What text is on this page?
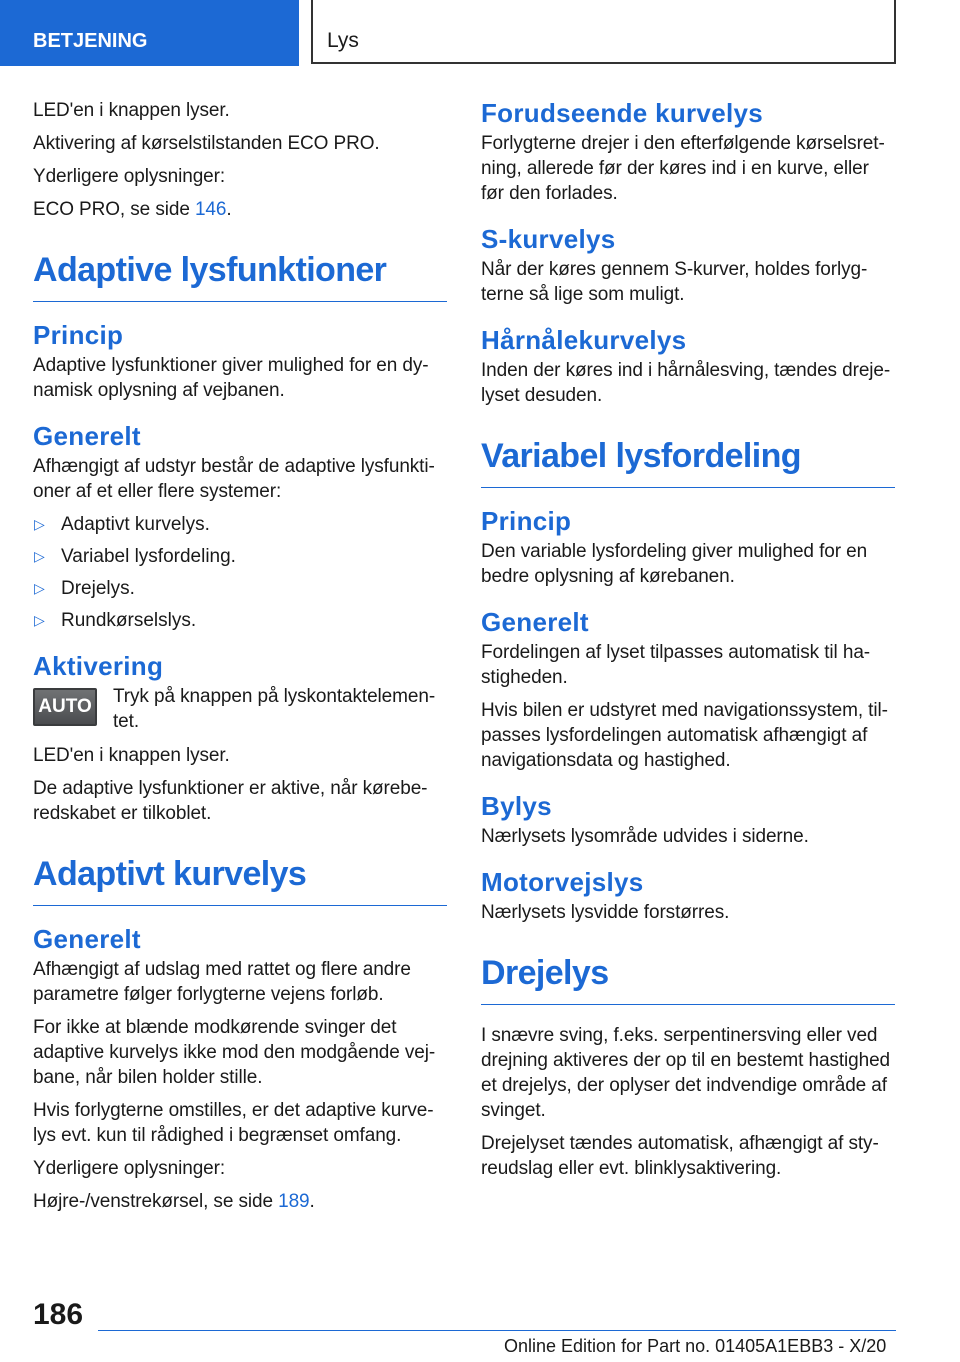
BETJENING	Lys

LED'en i knappen lyser.

Aktivering af kørselstilstanden ECO PRO.

Yderligere oplysninger:

ECO PRO, se side 146.

Adaptive lysfunktioner
Princip

Adaptive lysfunktioner giver mulighed for en dynamisk oplysning af vejbanen.

Generelt

Afhængigt af udstyr består de adaptive lysfunktioner af et eller flere systemer:

▷ Adaptivt kurvelys.
▷ Variabel lysfordeling.
▷ Drejelys.
▷ Rundkørselslys.
Aktivering
AUTO Tryk på knappen på lyskontaktelementet.

LED'en i knappen lyser.

De adaptive lysfunktioner er aktive, når køreberedskabet er tilkoblet.

Adaptivt kurvelys
Generelt

Afhængigt af udslag med rattet og flere andre parametre følger forlygterne vejens forløb.

For ikke at blænde modkørende svinger det adaptive kurvelys ikke mod den modgående vejbane, når bilen holder stille.

Hvis forlygterne omstilles, er det adaptive kurvelys evt. kun til rådighed i begrænset omfang.

Yderligere oplysninger:

Højre-/venstrekørsel, se side 189.

Forudseende kurvelys

Forlygterne drejer i den efterfølgende kørselsretning, allerede før der køres ind i en kurve, eller før den forlades.

S-kurvelys

Når der køres gennem S-kurver, holdes forlygterne så lige som muligt.

Hårnålekurvelys

Inden der køres ind i hårnålesving, tændes drejelyset desuden.

Variabel lysfordeling
Princip

Den variable lysfordeling giver mulighed for en bedre oplysning af kørebanen.

Generelt

Fordelingen af lyset tilpasses automatisk til hastigheden.

Hvis bilen er udstyret med navigationssystem, tilpasses lysfordelingen automatisk afhængigt af navigationsdata og hastighed.

Bylys

Nærlysets lysområde udvides i siderne.

Motorvejslys

Nærlysets lysvidde forstørres.

Drejelys

I snævre sving, f.eks. serpentinersving eller ved drejning aktiveres der op til en bestemt hastighed et drejelys, der oplyser det indvendige område af svinget.

Drejelyset tændes automatisk, afhængigt af styreudslag eller evt. blinklysaktivering.

186
Online Edition for Part no. 01405A1EBB3 - X/20
